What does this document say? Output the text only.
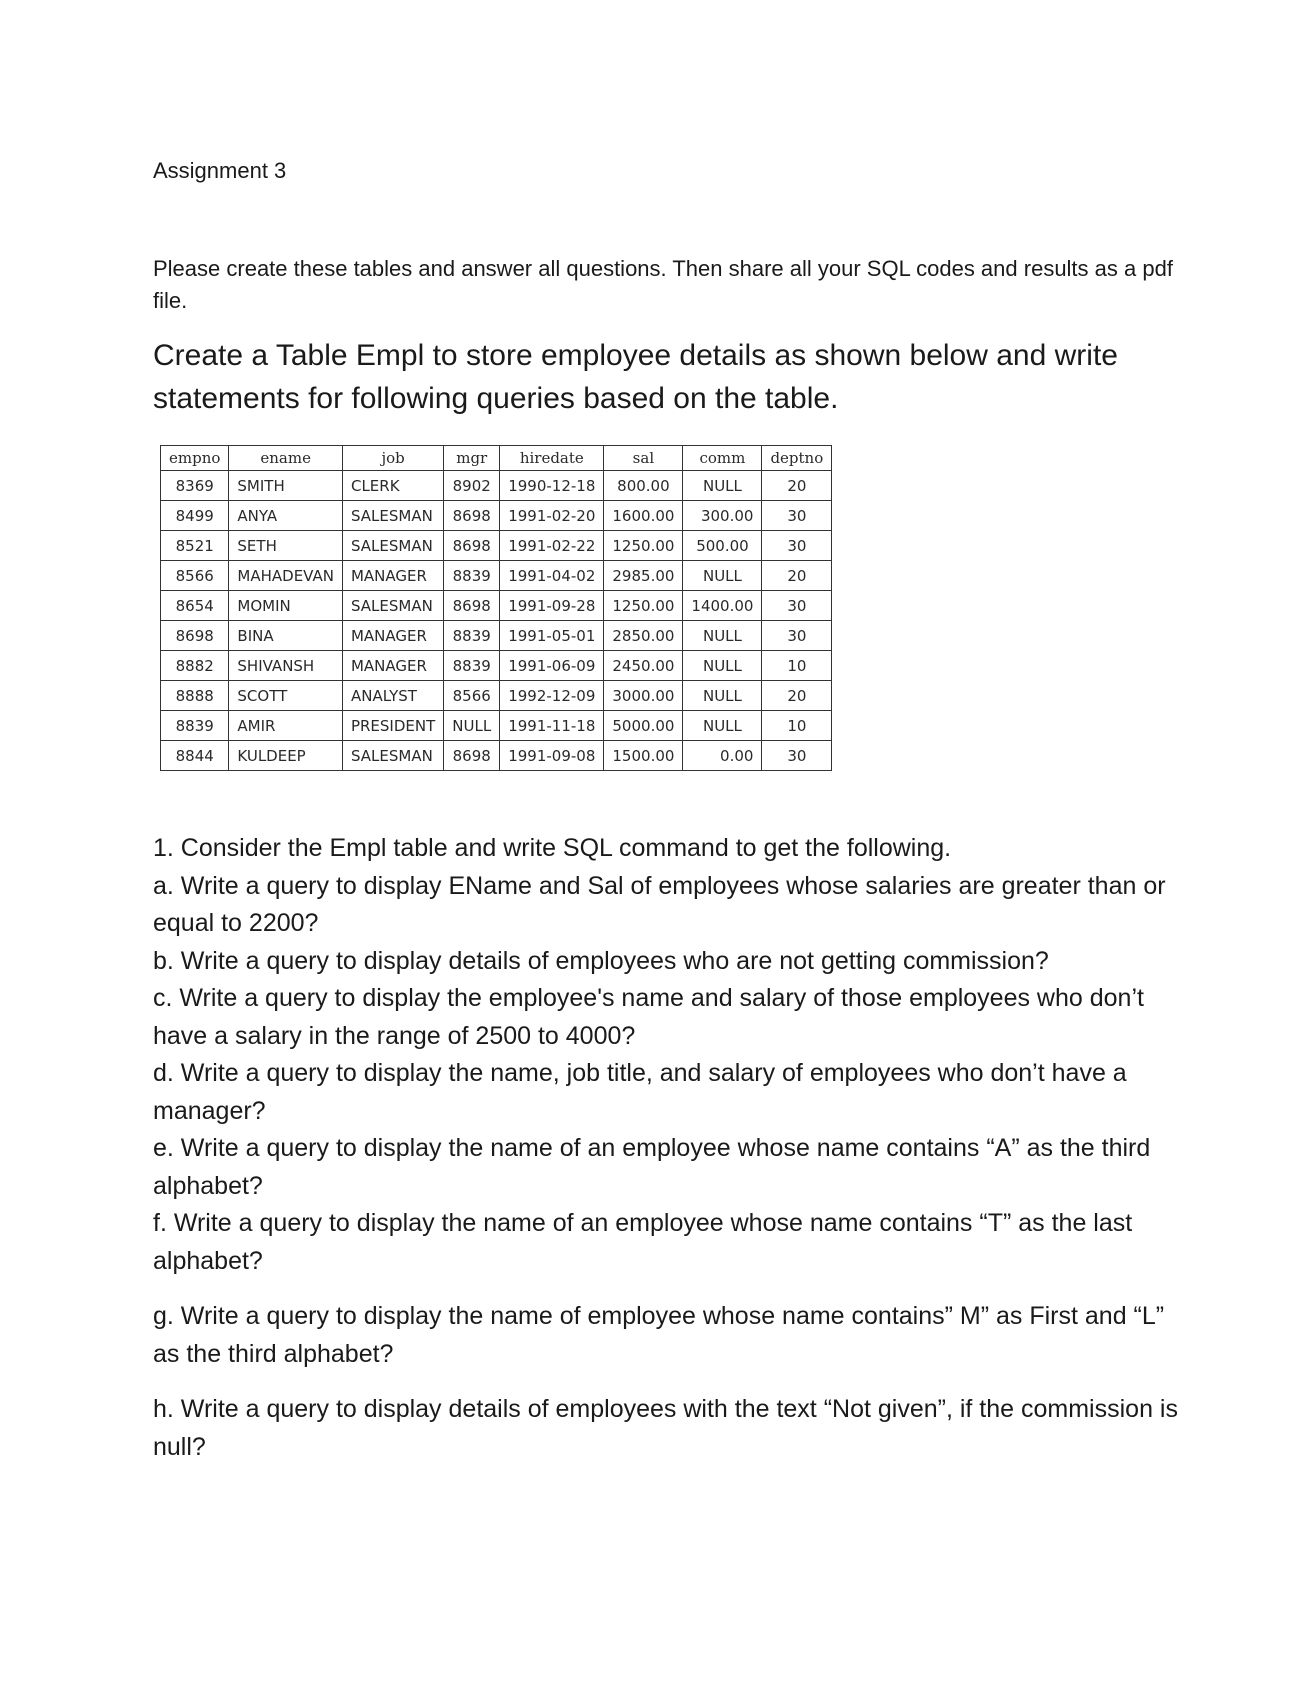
Assignment 3
Please create these tables and answer all questions. Then share all your SQL codes and results as a pdf file.
Create a Table Empl to store employee details as shown below and write statements for following queries based on the table.
empno	ename	job	mgr	hiredate	sal	comm	deptno
8369	SMITH	CLERK	8902	1990-12-18	800.00	NULL	20
8499	ANYA	SALESMAN	8698	1991-02-20	1600.00	300.00	30
8521	SETH	SALESMAN	8698	1991-02-22	1250.00	500.00	30
8566	MAHADEVAN	MANAGER	8839	1991-04-02	2985.00	NULL	20
8654	MOMIN	SALESMAN	8698	1991-09-28	1250.00	1400.00	30
8698	BINA	MANAGER	8839	1991-05-01	2850.00	NULL	30
8882	SHIVANSH	MANAGER	8839	1991-06-09	2450.00	NULL	10
8888	SCOTT	ANALYST	8566	1992-12-09	3000.00	NULL	20
8839	AMIR	PRESIDENT	NULL	1991-11-18	5000.00	NULL	10
8844	KULDEEP	SALESMAN	8698	1991-09-08	1500.00	0.00	30

1. Consider the Empl table and write SQL command to get the following.

a. Write a query to display EName and Sal of employees whose salaries are greater than or equal to 2200?

b. Write a query to display details of employees who are not getting commission?

c. Write a query to display the employee's name and salary of those employees who don’t have a salary in the range of 2500 to 4000?

d. Write a query to display the name, job title, and salary of employees who don’t have a manager?

e. Write a query to display the name of an employee whose name contains “A” as the third alphabet?

f. Write a query to display the name of an employee whose name contains “T” as the last alphabet?

g. Write a query to display the name of employee whose name contains” M” as First and “L” as the third alphabet?

h. Write a query to display details of employees with the text “Not given”, if the commission is null?
